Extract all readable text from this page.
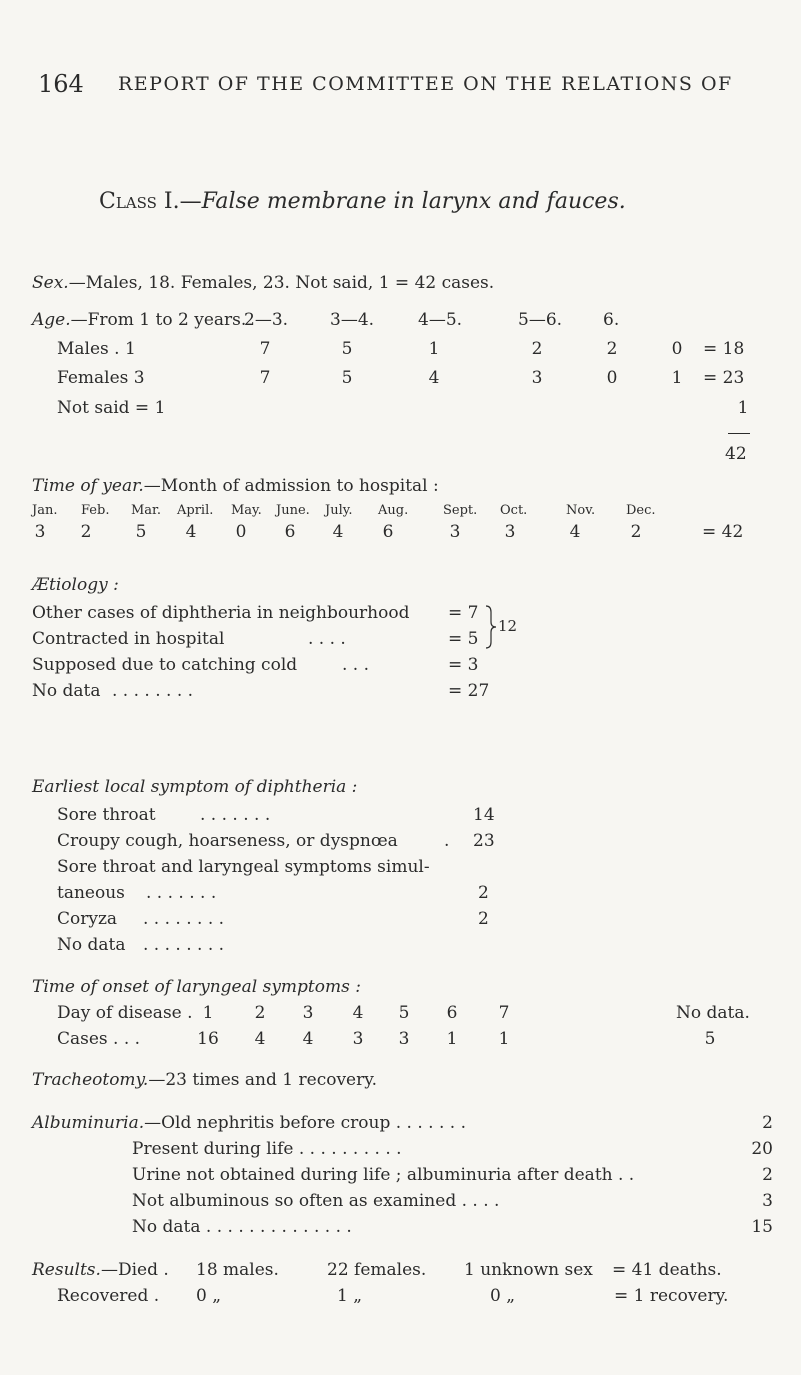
164 REPORT OF THE COMMITTEE ON THE RELATIONS OF
Class I.—False membrane in larynx and fauces.
Sex.—Males, 18. Females, 23. Not said, 1 = 42 cases.
Age.—From 1 to 2 years.
2—3. 3—4.	4—5.	5—6. 6.
Males . 1	7	5	1	2	2	0 = 18
Females 3	7	5	4	3	0	1 = 23
Not said = 1	1
42
Time of year.—Month of admission to hospital :
Jan. Feb. Mar. April. May. June. July. Aug.	Sept. Oct.	Nov. Dec.
3 2	5 4 0 6 4 6	3	3	4	2	= 42
Ætiology :
Other cases of diphtheria in neighbourhood = 7
Contracted in hospital	. . . .	= 5
Supposed due to catching cold	. . .	= 3
No data . . . . . . . .	= 27
12
Earliest local symptom of diphtheria :
Sore throat	. . . . . . .	14
Croupy cough, hoarseness, or dyspnœa	. 23
Sore throat and laryngeal symptoms simul-
taneous . . . . . . .	2
Coryza . . . . . . . .	2
No data . . . . . . . .
Time of onset of laryngeal symptoms :
Day of disease . 1	2	3	4	5	6	7	No data.
Cases . . .	16	4	4	3	3	1	1	5
Tracheotomy.—23 times and 1 recovery.
Albuminuria.—Old nephritis before croup . . . . . . .	2
Present during life . . . . . . . . . .	20
Urine not obtained during life ; albuminuria after death . .	2
Not albuminous so often as examined . . . .	3
No data . . . . . . . . . . . . . .	15
Results.—Died . 18 males.	22 females. 1 unknown sex = 41 deaths.
Recovered . 0 „	1 „	0 „	= 1 recovery.
